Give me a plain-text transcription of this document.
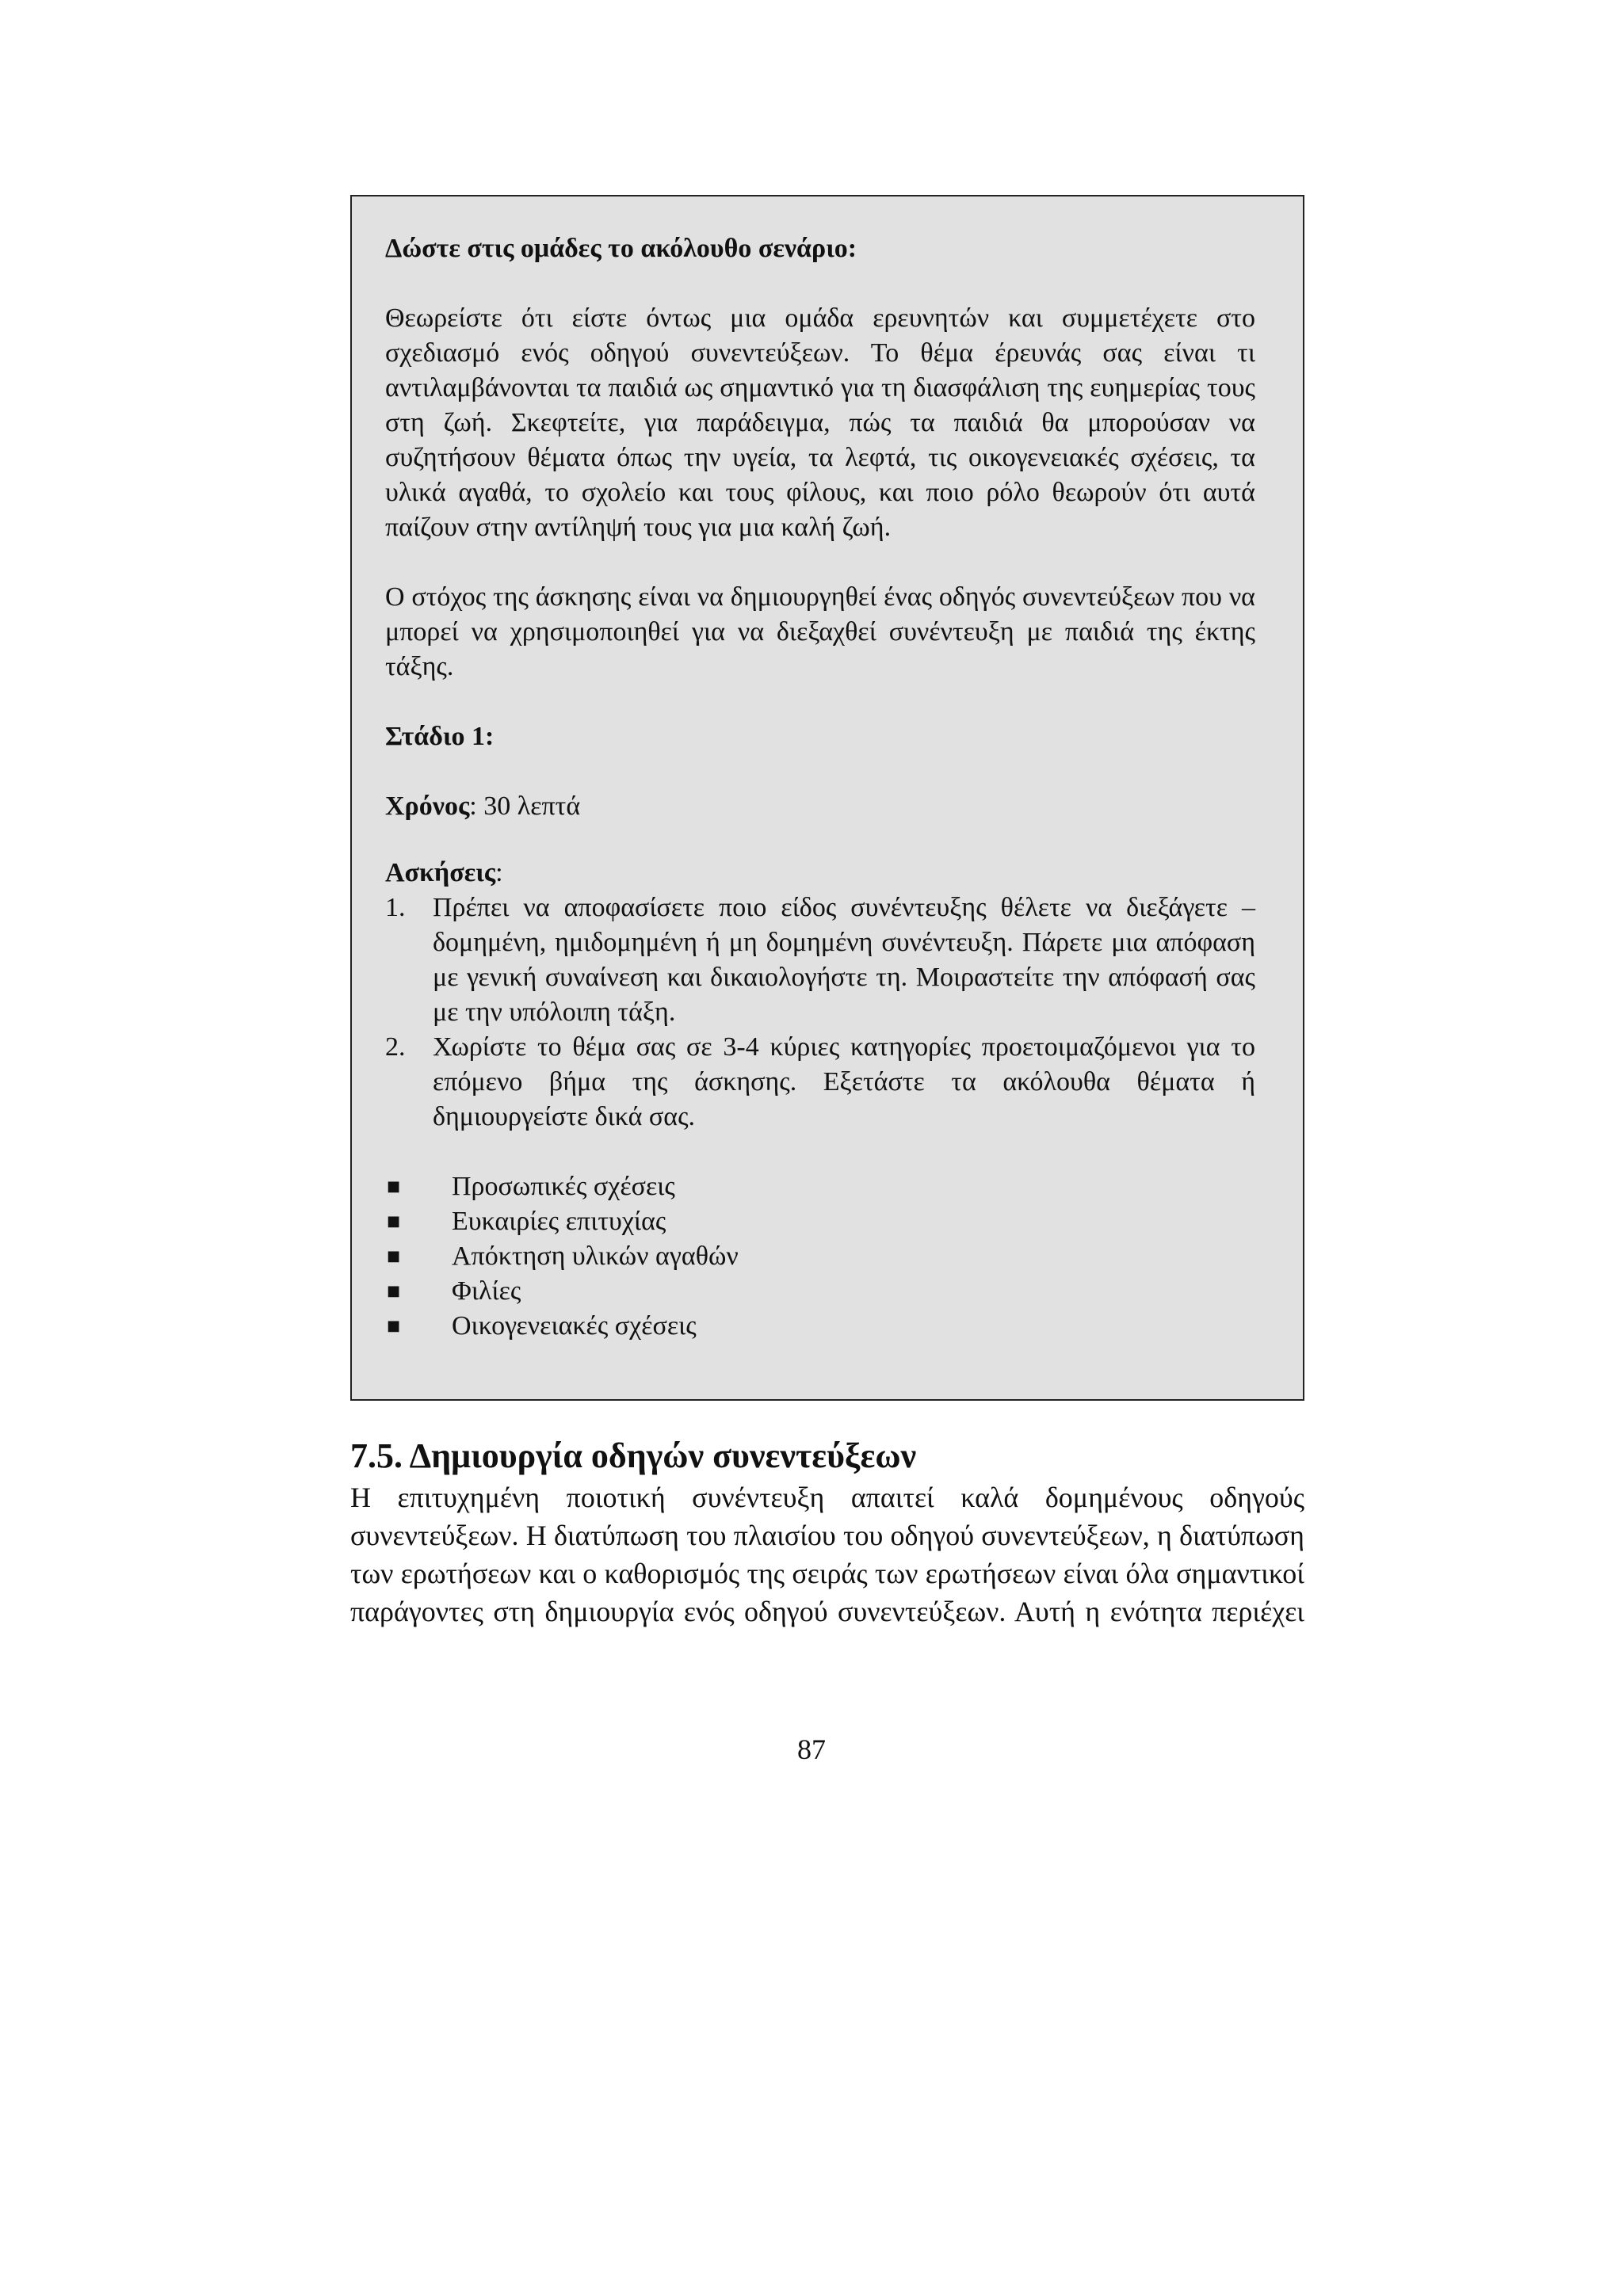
Δώστε στις ομάδες το ακόλουθο σενάριο:

Θεωρείστε ότι είστε όντως μια ομάδα ερευνητών και συμμετέχετε στο σχεδιασμό ενός οδηγού συνεντεύξεων. Το θέμα έρευνάς σας είναι τι αντιλαμβάνονται τα παιδιά ως σημαντικό για τη διασφάλιση της ευημερίας τους στη ζωή. Σκεφτείτε, για παράδειγμα, πώς τα παιδιά θα μπορούσαν να συζητήσουν θέματα όπως την υγεία, τα λεφτά, τις οικογενειακές σχέσεις, τα υλικά αγαθά, το σχολείο και τους φίλους, και ποιο ρόλο θεωρούν ότι αυτά παίζουν στην αντίληψή τους για μια καλή ζωή.

Ο στόχος της άσκησης είναι να δημιουργηθεί ένας οδηγός συνεντεύξεων που να μπορεί να χρησιμοποιηθεί για να διεξαχθεί συνέντευξη με παιδιά της έκτης τάξης.

Στάδιο 1:

Χρόνος: 30 λεπτά

Ασκήσεις:

1.	Πρέπει να αποφασίσετε ποιο είδος συνέντευξης θέλετε να διεξάγετε – δομημένη, ημιδομημένη ή μη δομημένη συνέντευξη. Πάρετε μια απόφαση με γενική συναίνεση και δικαιολογήστε τη. Μοιραστείτε την απόφασή σας με την υπόλοιπη τάξη.
2.	Χωρίστε το θέμα σας σε 3-4 κύριες κατηγορίες προετοιμαζόμενοι για το επόμενο βήμα της άσκησης. Εξετάστε τα ακόλουθα θέματα ή δημιουργείστε δικά σας.
■	Προσωπικές σχέσεις
■	Ευκαιρίες επιτυχίας
■	Απόκτηση υλικών αγαθών
■	Φιλίες
■	Οικογενειακές σχέσεις
7.5. Δημιουργία οδηγών συνεντεύξεων

Η επιτυχημένη ποιοτική συνέντευξη απαιτεί καλά δομημένους οδηγούς συνεντεύξεων. Η διατύπωση του πλαισίου του οδηγού συνεντεύξεων, η διατύπωση των ερωτήσεων και ο καθορισμός της σειράς των ερωτήσεων είναι όλα σημαντικοί παράγοντες στη δημιουργία ενός οδηγού συνεντεύξεων. Αυτή η ενότητα περιέχει

87
